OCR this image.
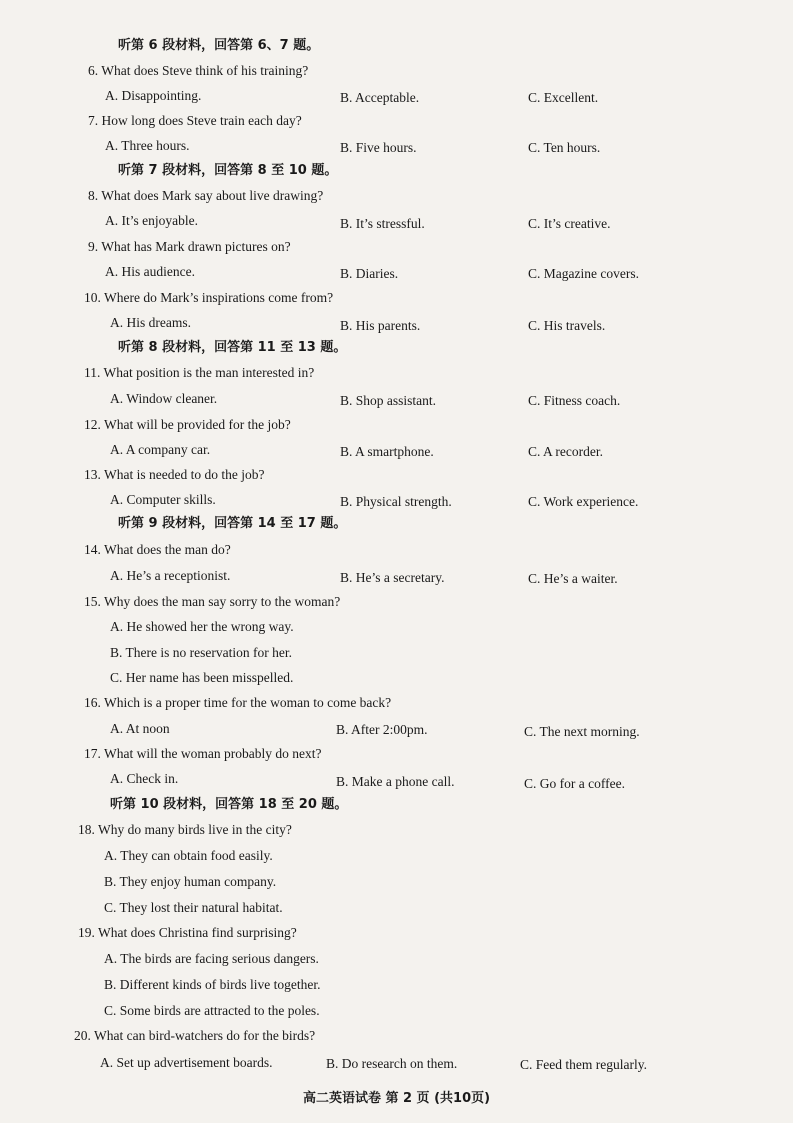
听第 6 段材料，回答第 6、7 题。
6. What does Steve think of his training?
A. Disappointing.	B. Acceptable.	C. Excellent.
7. How long does Steve train each day?
A. Three hours.	B. Five hours.	C. Ten hours.
听第 7 段材料，回答第 8 至 10 题。
8. What does Mark say about live drawing?
A. It’s enjoyable.	B. It’s stressful.	C. It’s creative.
9. What has Mark drawn pictures on?
A. His audience.	B. Diaries.	C. Magazine covers.
10. Where do Mark’s inspirations come from?
A. His dreams.	B. His parents.	C. His travels.
听第 8 段材料，回答第 11 至 13 题。
11. What position is the man interested in?
A. Window cleaner.	B. Shop assistant.	C. Fitness coach.
12. What will be provided for the job?
A. A company car.	B. A smartphone.	C. A recorder.
13. What is needed to do the job?
A. Computer skills.	B. Physical strength.	C. Work experience.
听第 9 段材料，回答第 14 至 17 题。
14. What does the man do?
A. He’s a receptionist.	B. He’s a secretary.	C. He’s a waiter.
15. Why does the man say sorry to the woman?
A. He showed her the wrong way.
B. There is no reservation for her.
C. Her name has been misspelled.
16. Which is a proper time for the woman to come back?
A. At noon	B. After 2:00pm.	C. The next morning.
17. What will the woman probably do next?
A. Check in.	B. Make a phone call.	C. Go for a coffee.
听第 10 段材料，回答第 18 至 20 题。
18. Why do many birds live in the city?
A. They can obtain food easily.
B. They enjoy human company.
C. They lost their natural habitat.
19. What does Christina find surprising?
A. The birds are facing serious dangers.
B. Different kinds of birds live together.
C. Some birds are attracted to the poles.
20. What can bird-watchers do for the birds?
A. Set up advertisement boards.	B. Do research on them.	C. Feed them regularly.
高二英语试卷 第 2 页 (共10页)
